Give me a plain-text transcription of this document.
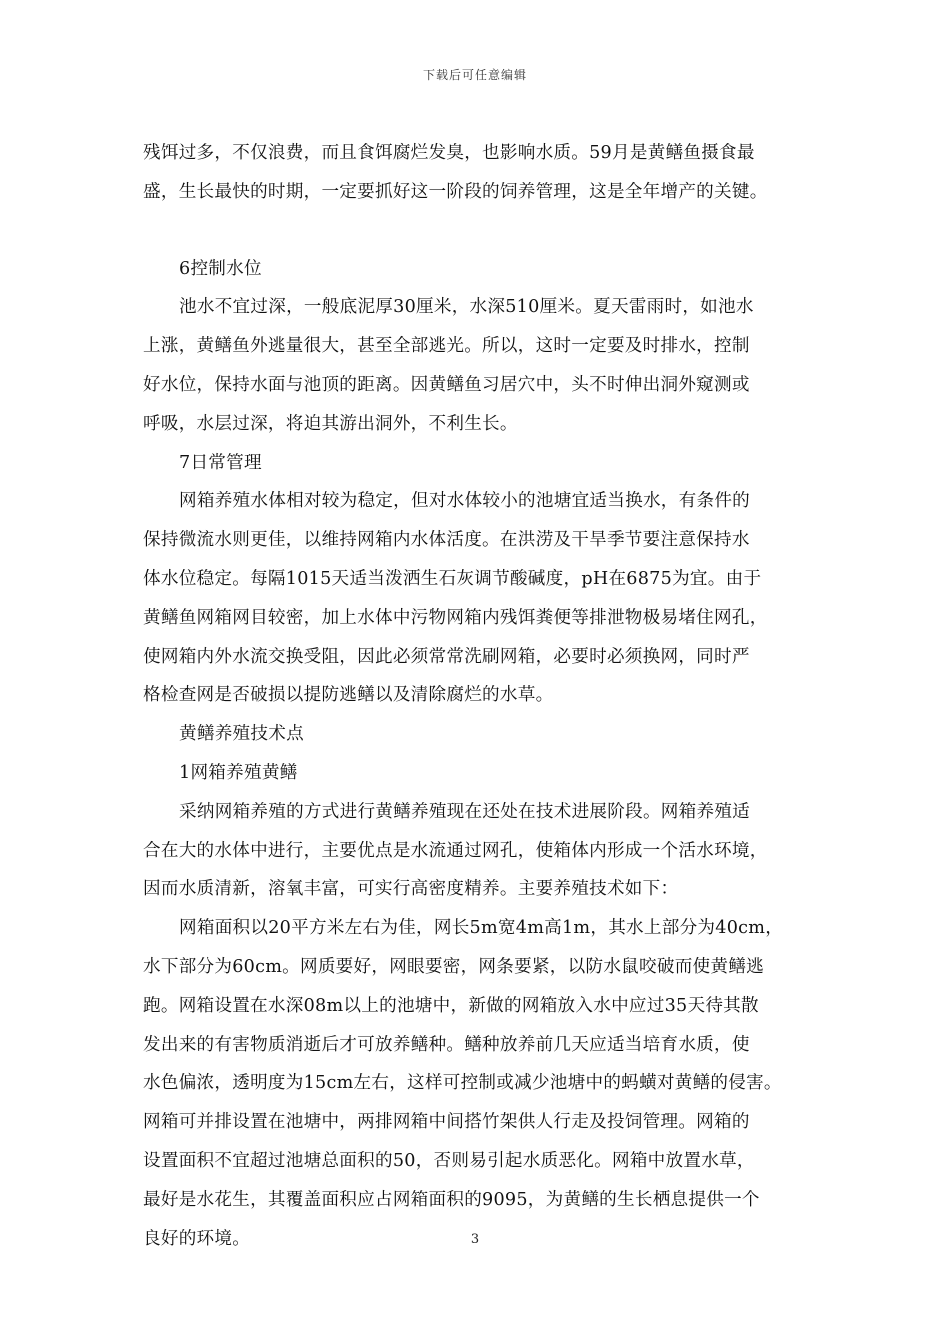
下载后可任意编辑
残饵过多，不仅浪费，而且食饵腐烂发臭，也影响水质。59月是黄鳝鱼摄食最
盛，生长最快的时期，一定要抓好这一阶段的饲养管理，这是全年增产的关键。
6控制水位
池水不宜过深，一般底泥厚30厘米，水深510厘米。夏天雷雨时，如池水
上涨，黄鳝鱼外逃量很大，甚至全部逃光。所以，这时一定要及时排水，控制
好水位，保持水面与池顶的距离。因黄鳝鱼习居穴中，头不时伸出洞外窥测或
呼吸，水层过深，将迫其游出洞外，不利生长。
7日常管理
网箱养殖水体相对较为稳定，但对水体较小的池塘宜适当换水，有条件的
保持微流水则更佳，以维持网箱内水体活度。在洪涝及干旱季节要注意保持水
体水位稳定。每隔1015天适当泼洒生石灰调节酸碱度，pH在6875为宜。由于
黄鳝鱼网箱网目较密，加上水体中污物网箱内残饵粪便等排泄物极易堵住网孔，
使网箱内外水流交换受阻，因此必须常常洗刷网箱，必要时必须换网，同时严
格检查网是否破损以提防逃鳝以及清除腐烂的水草。
黄鳝养殖技术点
1网箱养殖黄鳝
采纳网箱养殖的方式进行黄鳝养殖现在还处在技术进展阶段。网箱养殖适
合在大的水体中进行，主要优点是水流通过网孔，使箱体内形成一个活水环境，
因而水质清新，溶氧丰富，可实行高密度精养。主要养殖技术如下：
网箱面积以20平方米左右为佳，网长5m宽4m高1m，其水上部分为40cm，
水下部分为60cm。网质要好，网眼要密，网条要紧，以防水鼠咬破而使黄鳝逃
跑。网箱设置在水深08m以上的池塘中，新做的网箱放入水中应过35天待其散
发出来的有害物质消逝后才可放养鳝种。鳝种放养前几天应适当培育水质，使
水色偏浓，透明度为15cm左右，这样可控制或减少池塘中的蚂蟥对黄鳝的侵害。
网箱可并排设置在池塘中，两排网箱中间搭竹架供人行走及投饲管理。网箱的
设置面积不宜超过池塘总面积的50，否则易引起水质恶化。网箱中放置水草，
最好是水花生，其覆盖面积应占网箱面积的9095，为黄鳝的生长栖息提供一个
良好的环境。	3
